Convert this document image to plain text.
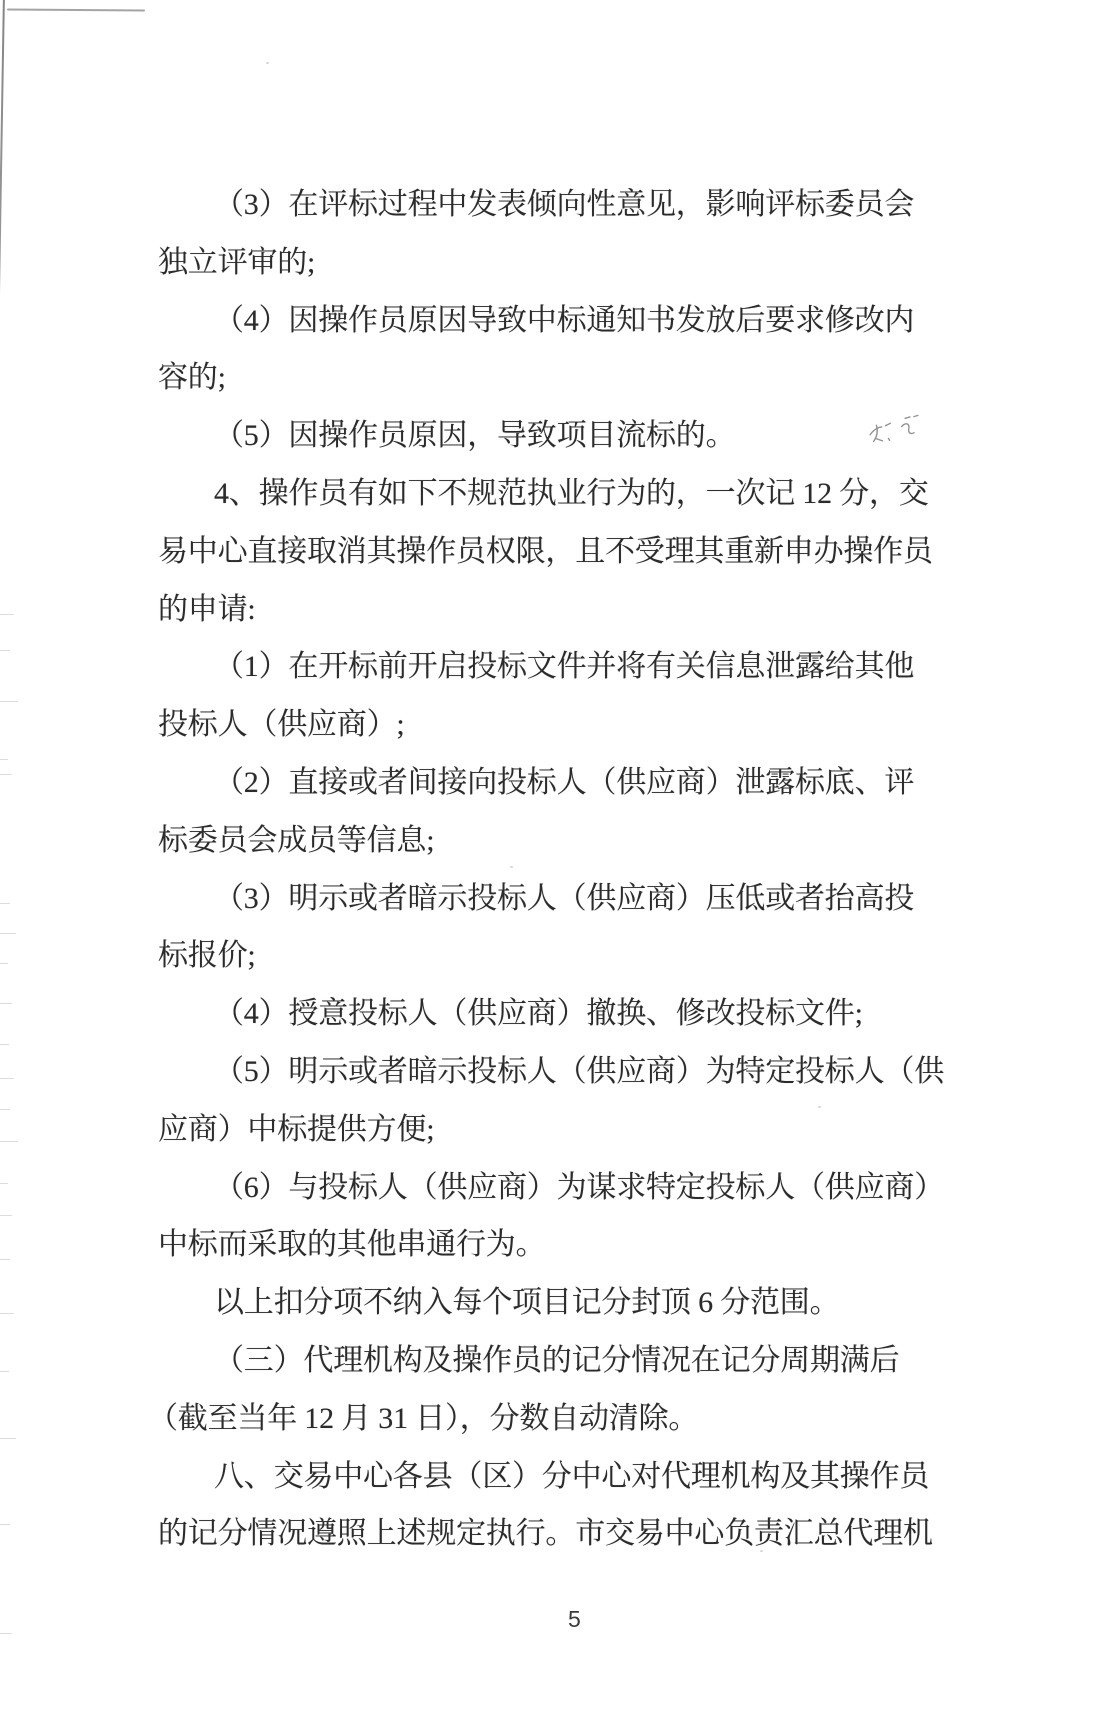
（3）在评标过程中发表倾向性意见，影响评标委员会
独立评审的;
（4）因操作员原因导致中标通知书发放后要求修改内
容的;
（5）因操作员原因，导致项目流标的。
4、操作员有如下不规范执业行为的，一次记 12 分，交
易中心直接取消其操作员权限，且不受理其重新申办操作员
的申请:
（1）在开标前开启投标文件并将有关信息泄露给其他
投标人（供应商）;
（2）直接或者间接向投标人（供应商）泄露标底、评
标委员会成员等信息;
（3）明示或者暗示投标人（供应商）压低或者抬高投
标报价;
（4）授意投标人（供应商）撤换、修改投标文件;
（5）明示或者暗示投标人（供应商）为特定投标人（供
应商）中标提供方便;
（6）与投标人（供应商）为谋求特定投标人（供应商）
中标而采取的其他串通行为。
以上扣分项不纳入每个项目记分封顶 6 分范围。
（三）代理机构及操作员的记分情况在记分周期满后
（截至当年 12 月 31 日），分数自动清除。
八、交易中心各县（区）分中心对代理机构及其操作员
的记分情况遵照上述规定执行。市交易中心负责汇总代理机
5
